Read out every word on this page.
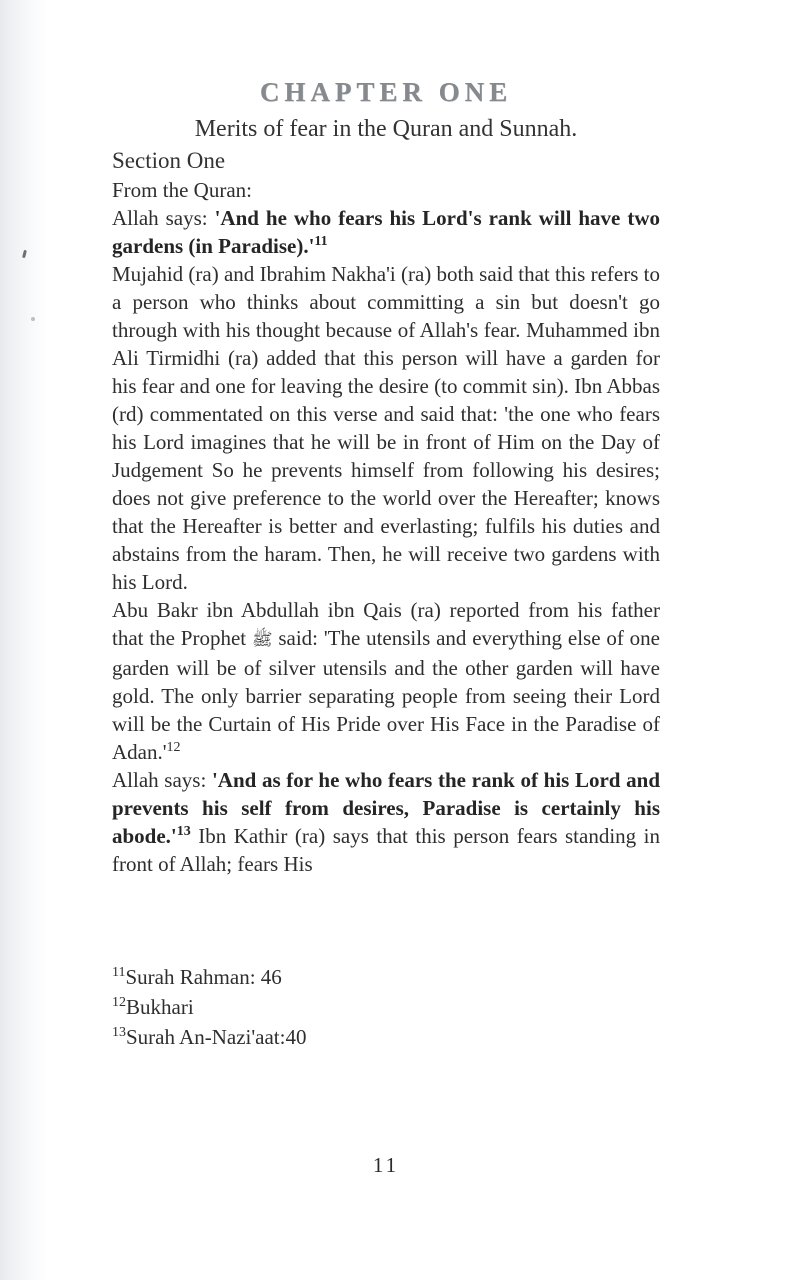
CHAPTER ONE
Merits of fear in the Quran and Sunnah.
Section One
From the Quran:

Allah says: 'And he who fears his Lord's rank will have two gardens (in $Paradise).'^{11}$

Mujahid (ra) and Ibrahim Nakha'i (ra) both said that this refers to a person who thinks about committing a sin but doesn't go through with his thought because of Allah's fear. Muhammed ibn Ali Tirmidhi (ra) added that this person will have a garden for his fear and one for leaving the desire (to commit sin). Ibn Abbas (rd) commentated on this verse and said that: 'the one who fears his Lord imagines that he will be in front of Him on the Day of Judgement So he prevents himself from following his desires; does not give preference to the world over the Hereafter; knows that the Hereafter is better and everlasting; fulfils his duties and abstains from the haram. Then, he will receive two gardens with his Lord.

Abu Bakr ibn Abdullah ibn Qais (ra) reported from his father that the Prophet ﷺ said: 'The utensils and everything else of one garden will be of silver utensils and the other garden will have gold. The only barrier separating people from seeing their Lord will be the Curtain of His Pride over His Face in the Paradise of $Adan.'^{12}$

Allah says: 'And as for he who fears the rank of his Lord and prevents his self from desires, Paradise is certainly his $abode.'^{13}$ Ibn Kathir (ra) says that this person fears standing in front of Allah; fears His

$^{11}$Surah Rahman: 46
$^{12}$Bukhari
$^{13}$Surah An-Nazi'aat:40
11
